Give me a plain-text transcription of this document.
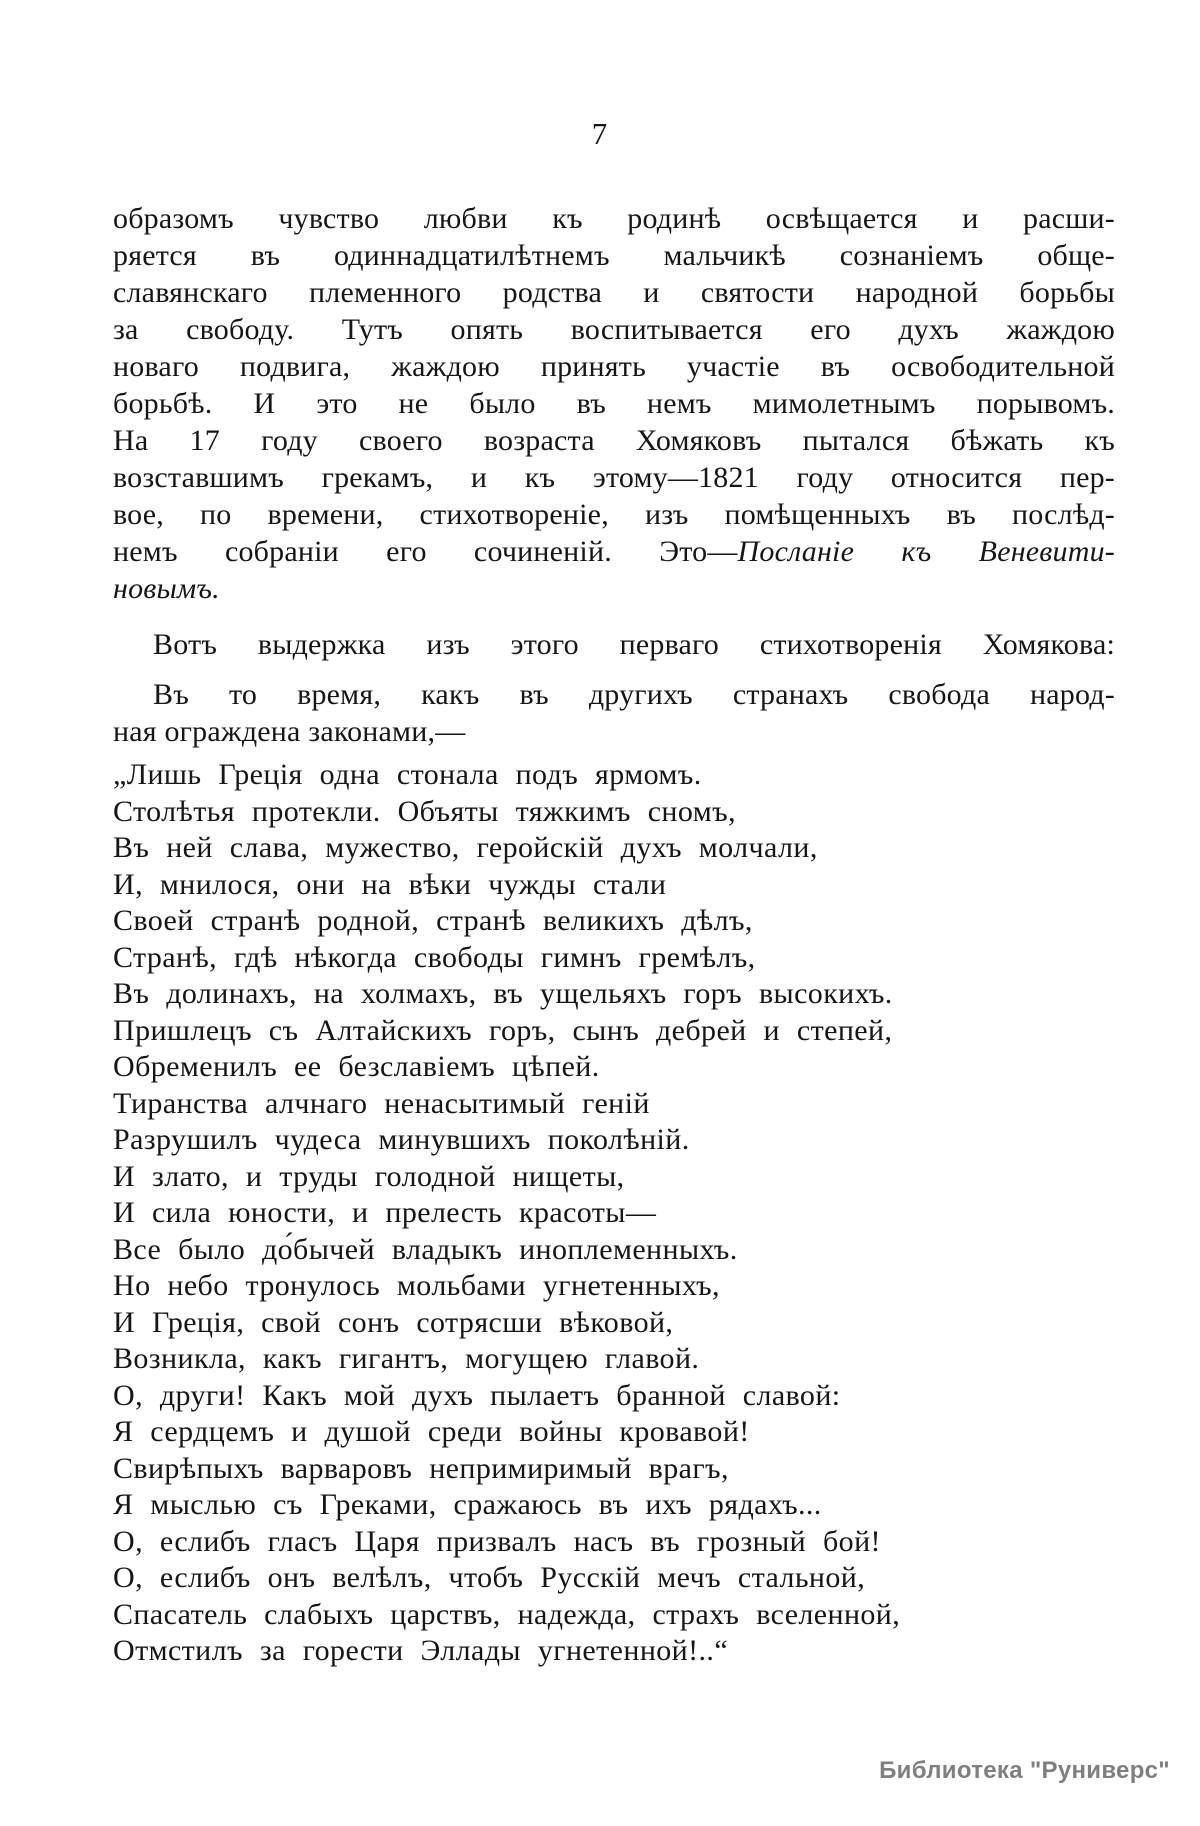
7
образомъ чувство любви къ родинѣ освѣщается и расши-
ряется въ одиннадцатилѣтнемъ мальчикѣ сознаніемъ обще-
славянскаго племенного родства и святости народной борьбы
за свободу. Тутъ опять воспитывается его духъ жаждою
новаго подвига, жаждою принять участіе въ освободительной
борьбѣ. И это не было въ немъ мимолетнымъ порывомъ.
На 17 году своего возраста Хомяковъ пытался бѣжать къ
возставшимъ грекамъ, и къ этому—1821 году относится пер-
вое, по времени, стихотвореніе, изъ помѣщенныхъ въ послѣд-
немъ собраніи его сочиненій. Это—Посланіе къ Веневити-
новымъ.
Вотъ выдержка изъ этого перваго стихотворенія Хомякова:
Въ то время, какъ въ другихъ странахъ свобода народ-
ная ограждена законами,—
„Лишь Греція одна стонала подъ ярмомъ.
Столѣтья протекли. Объяты тяжкимъ сномъ,
Въ ней слава, мужество, геройскій духъ молчали,
И, мнилося, они на вѣки чужды стали
Своей странѣ родной, странѣ великихъ дѣлъ,
Странѣ, гдѣ нѣкогда свободы гимнъ гремѣлъ,
Въ долинахъ, на холмахъ, въ ущельяхъ горъ высокихъ.
Пришлецъ съ Алтайскихъ горъ, сынъ дебрей и степей,
Обременилъ ее безславіемъ цѣпей.
Тиранства алчнаго ненасытимый геній
Разрушилъ чудеса минувшихъ поколѣній.
И злато, и труды голодной нищеты,
И сила юности, и прелесть красоты—
Все было до́бычей владыкъ иноплеменныхъ.
Но небо тронулось мольбами угнетенныхъ,
И Греція, свой сонъ сотрясши вѣковой,
Возникла, какъ гигантъ, могущею главой.
О, други! Какъ мой духъ пылаетъ бранной славой:
Я сердцемъ и душой среди войны кровавой!
Свирѣпыхъ варваровъ непримиримый врагъ,
Я мыслью съ Греками, сражаюсь въ ихъ рядахъ...
О, еслибъ гласъ Царя призвалъ насъ въ грозный бой!
О, еслибъ онъ велѣлъ, чтобъ Русскій мечъ стальной,
Спасатель слабыхъ царствъ, надежда, страхъ вселенной,
Отмстилъ за горести Эллады угнетенной!..“
Библиотека "Руниверс"
